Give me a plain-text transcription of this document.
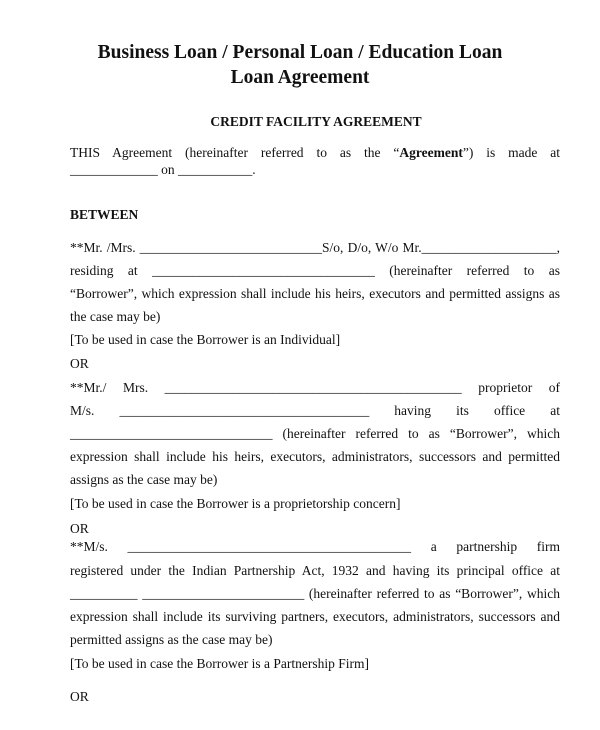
Business Loan / Personal Loan / Education Loan
Loan Agreement

CREDIT FACILITY AGREEMENT

THIS Agreement (hereinafter referred to as the “Agreement”) is made at

_____________ on ___________.

BETWEEN

**Mr. /Mrs. ___________________________S/o, D/o, W/o Mr.____________________,

residing at _________________________________ (hereinafter referred to as

“Borrower”, which expression shall include his heirs, executors and permitted assigns as

the case may be)

[To be used in case the Borrower is an Individual]

OR

**Mr./ Mrs. ____________________________________________ proprietor of

M/s. _____________________________________ having its office at

______________________________ (hereinafter referred to as “Borrower”, which

expression shall include his heirs, executors, administrators, successors and permitted

assigns as the case may be)

[To be used in case the Borrower is a proprietorship concern]

OR

**M/s. __________________________________________ a partnership firm

registered under the Indian Partnership Act, 1932 and having its principal office at

__________ ________________________ (hereinafter referred to as “Borrower”, which

expression shall include its surviving partners, executors, administrators, successors and

permitted assigns as the case may be)

[To be used in case the Borrower is a Partnership Firm]

OR
